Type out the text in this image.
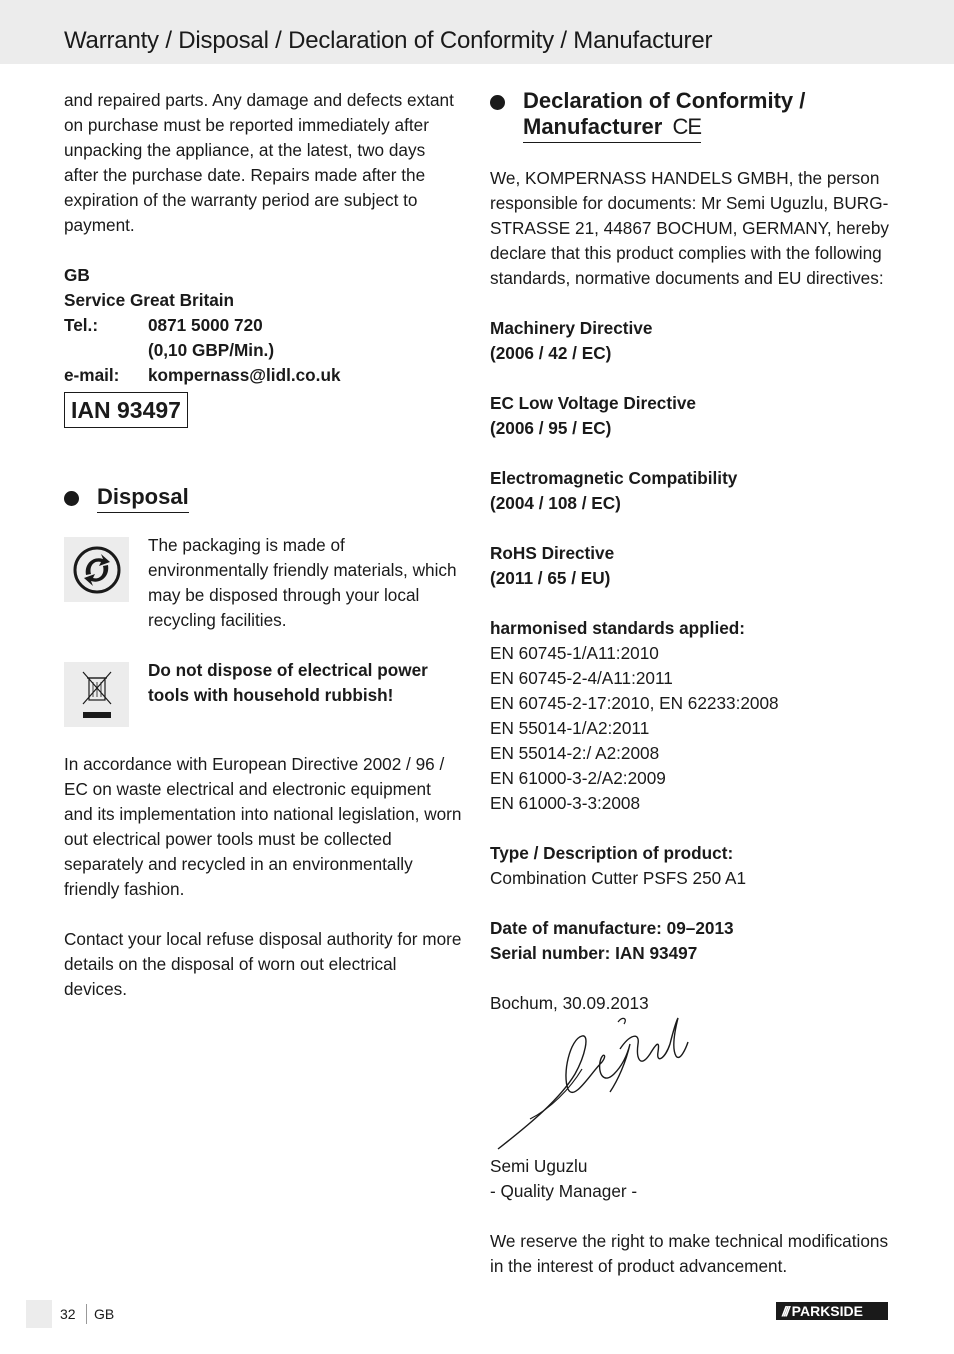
Warranty / Disposal / Declaration of Conformity / Manufacturer

and repaired parts. Any damage and defects extant on purchase must be reported immediately after unpacking the appliance, at the latest, two days after the purchase date. Repairs made after the expiration of the warranty period are subject to payment.

GB

Service Great Britain

Tel.:	0871 5000 720
(0,10 GBP/Min.)
e-mail:	kompernass@lidl.co.uk
IAN 93497
Disposal

The packaging is made of environmentally friendly materials, which may be disposed through your local recycling facilities.

Do not dispose of electrical power tools with household rubbish!

In accordance with European Directive 2002 / 96 / EC on waste electrical and electronic equipment and its implementation into national legislation, worn out electrical power tools must be collected separately and recycled in an environmentally friendly fashion.

Contact your local refuse disposal authority for more details on the disposal of worn out electrical devices.

Declaration of Conformity /
Manufacturer CE

We, KOMPERNASS HANDELS GMBH, the person responsible for documents: Mr Semi Uguzlu, BURG-STRASSE 21, 44867 BOCHUM, GERMANY, hereby declare that this product complies with the following standards, normative documents and EU directives:

Machinery Directive

(2006 / 42 / EC)

EC Low Voltage Directive

(2006 / 95 / EC)

Electromagnetic Compatibility

(2004 / 108 / EC)

RoHS Directive

(2011 / 65 / EU)

harmonised standards applied:

EN 60745-1/A11:2010

EN 60745-2-4/A11:2011

EN 60745-2-17:2010, EN 62233:2008

EN 55014-1/A2:2011

EN 55014-2:/ A2:2008

EN 61000-3-2/A2:2009

EN 61000-3-3:2008

Type / Description of product:

Combination Cutter PSFS 250 A1

Date of manufacture: 09–2013

Serial number: IAN 93497

Bochum, 30.09.2013

Semi Uguzlu

- Quality Manager -

We reserve the right to make technical modifications in the interest of product advancement.

32 GB	/// PARKSIDE
